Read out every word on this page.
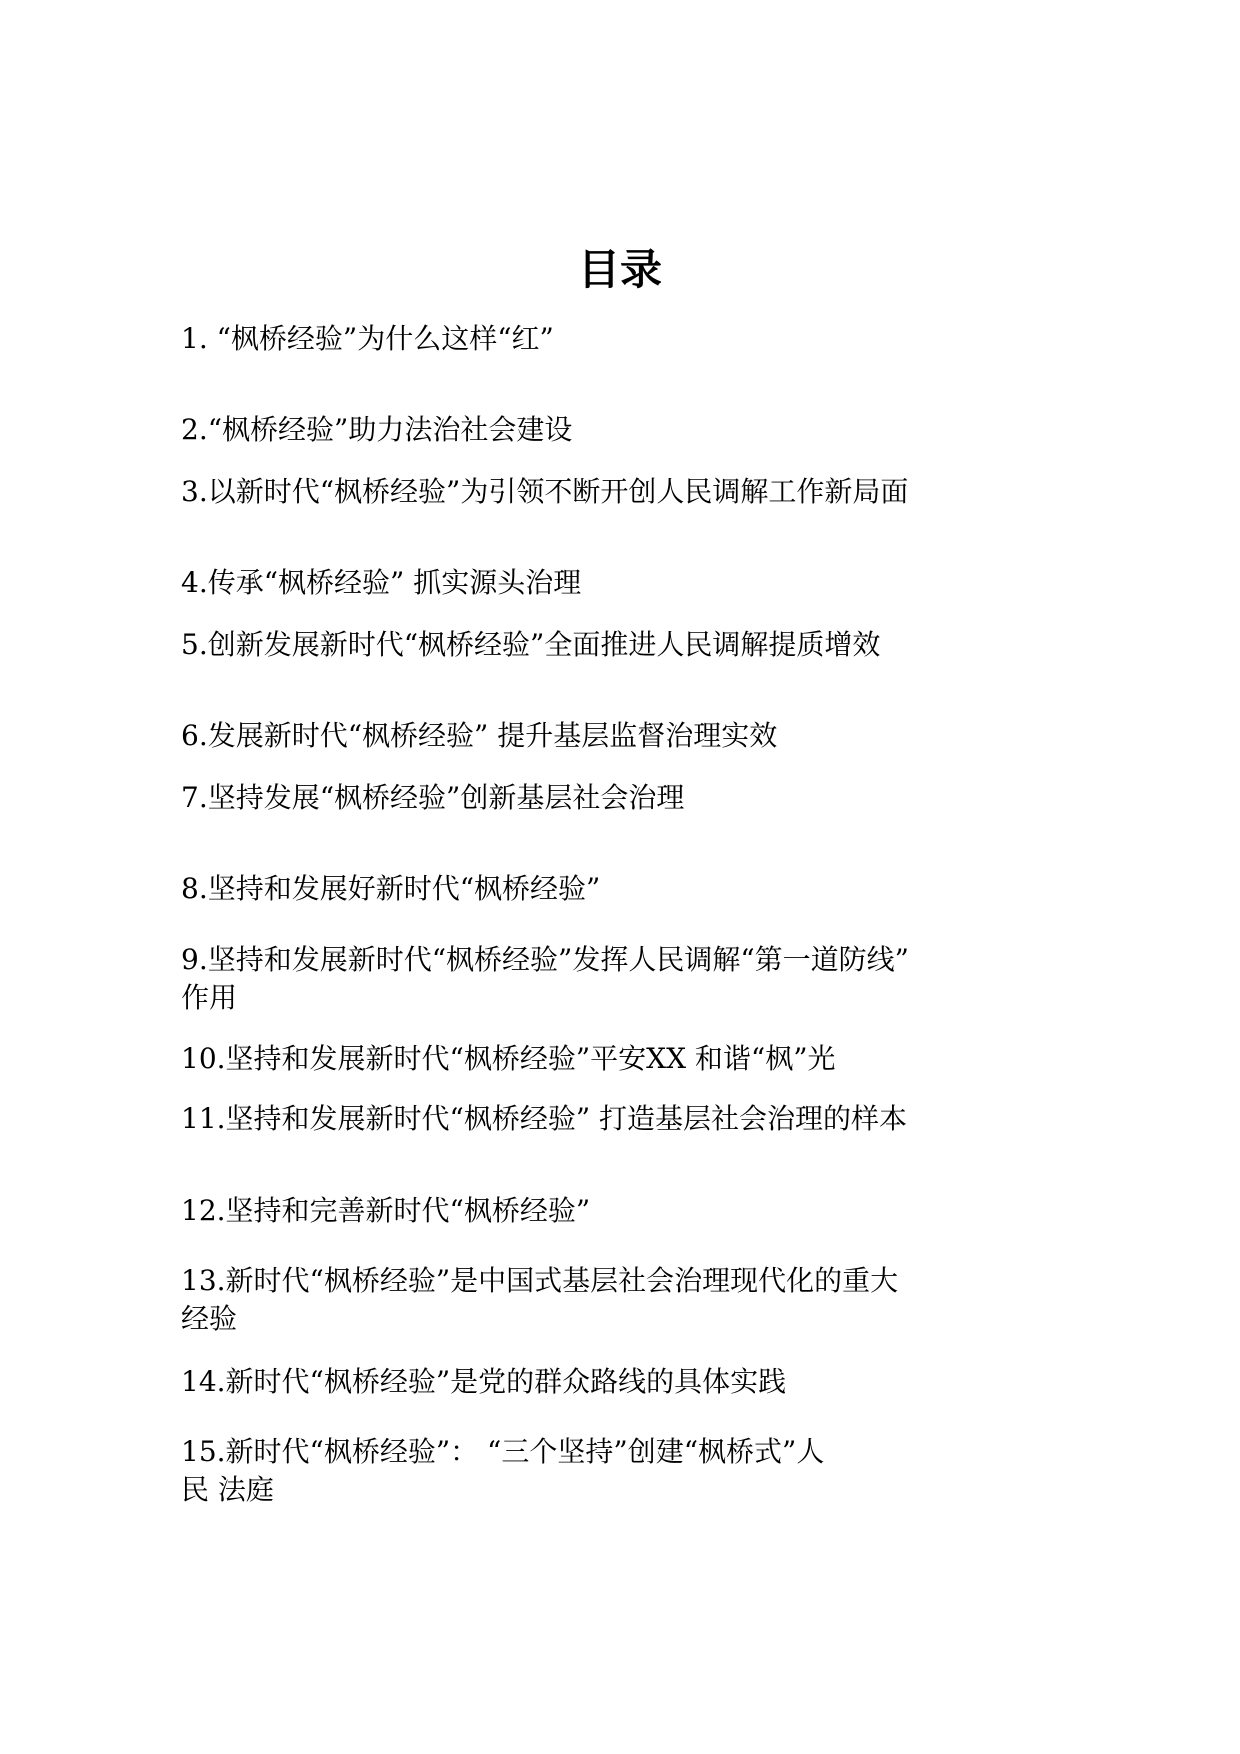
目录

1. “枫桥经验”为什么这样“红”

2.“枫桥经验”助力法治社会建设

3.以新时代“枫桥经验”为引领不断开创人民调解工作新局面

4.传承“枫桥经验” 抓实源头治理

5.创新发展新时代“枫桥经验”全面推进人民调解提质增效

6.发展新时代“枫桥经验” 提升基层监督治理实效

7.坚持发展“枫桥经验”创新基层社会治理

8.坚持和发展好新时代“枫桥经验”

9.坚持和发展新时代“枫桥经验”发挥人民调解“第一道防线”
作用

10.坚持和发展新时代“枫桥经验”平安XX 和谐“枫”光

11.坚持和发展新时代“枫桥经验” 打造基层社会治理的样本

12.坚持和完善新时代“枫桥经验”

13.新时代“枫桥经验”是中国式基层社会治理现代化的重大
经验

14.新时代“枫桥经验”是党的群众路线的具体实践

15.新时代“枫桥经验”： “三个坚持”创建“枫桥式”人
民 法庭
